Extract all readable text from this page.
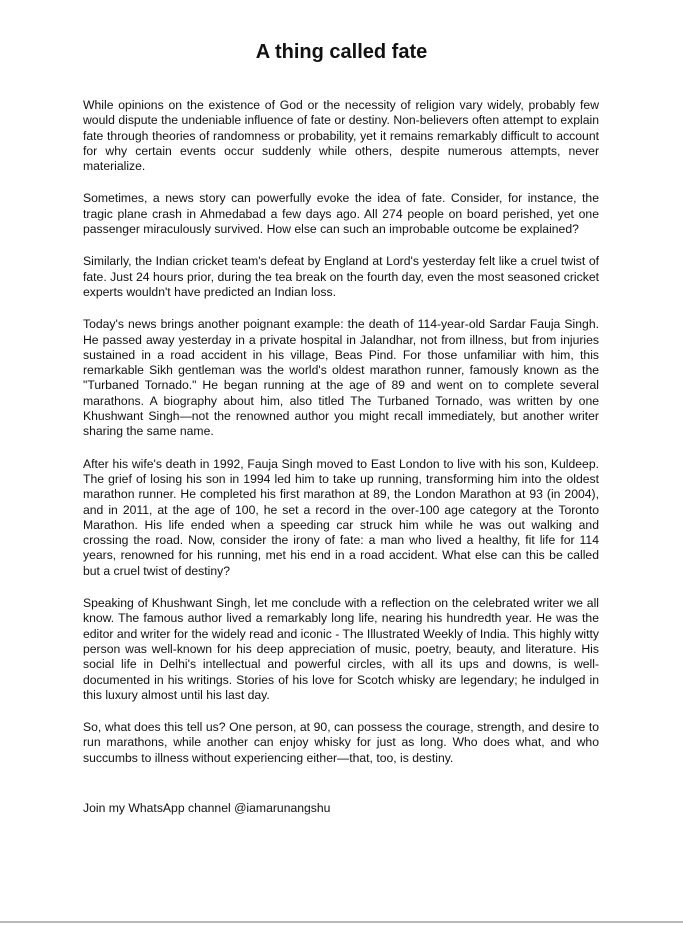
A thing called fate

While opinions on the existence of God or the necessity of religion vary widely, probably few would dispute the undeniable influence of fate or destiny. Non-believers often attempt to explain fate through theories of randomness or probability, yet it remains remarkably difficult to account for why certain events occur suddenly while others, despite numerous attempts, never materialize.

Sometimes, a news story can powerfully evoke the idea of fate. Consider, for instance, the tragic plane crash in Ahmedabad a few days ago. All 274 people on board perished, yet one passenger miraculously survived. How else can such an improbable outcome be explained?

Similarly, the Indian cricket team's defeat by England at Lord's yesterday felt like a cruel twist of fate. Just 24 hours prior, during the tea break on the fourth day, even the most seasoned cricket experts wouldn't have predicted an Indian loss.

Today's news brings another poignant example: the death of 114-year-old Sardar Fauja Singh. He passed away yesterday in a private hospital in Jalandhar, not from illness, but from injuries sustained in a road accident in his village, Beas Pind. For those unfamiliar with him, this remarkable Sikh gentleman was the world's oldest marathon runner, famously known as the "Turbaned Tornado." He began running at the age of 89 and went on to complete several marathons. A biography about him, also titled The Turbaned Tornado, was written by one Khushwant Singh—not the renowned author you might recall immediately, but another writer sharing the same name.

After his wife's death in 1992, Fauja Singh moved to East London to live with his son, Kuldeep. The grief of losing his son in 1994 led him to take up running, transforming him into the oldest marathon runner. He completed his first marathon at 89, the London Marathon at 93 (in 2004), and in 2011, at the age of 100, he set a record in the over-100 age category at the Toronto Marathon. His life ended when a speeding car struck him while he was out walking and crossing the road. Now, consider the irony of fate: a man who lived a healthy, fit life for 114 years, renowned for his running, met his end in a road accident. What else can this be called but a cruel twist of destiny?

Speaking of Khushwant Singh, let me conclude with a reflection on the celebrated writer we all know. The famous author lived a remarkably long life, nearing his hundredth year. He was the editor and writer for the widely read and iconic - The Illustrated Weekly of India. This highly witty person was well-known for his deep appreciation of music, poetry, beauty, and literature. His social life in Delhi's intellectual and powerful circles, with all its ups and downs, is well-documented in his writings. Stories of his love for Scotch whisky are legendary; he indulged in this luxury almost until his last day.

So, what does this tell us? One person, at 90, can possess the courage, strength, and desire to run marathons, while another can enjoy whisky for just as long. Who does what, and who succumbs to illness without experiencing either—that, too, is destiny.

Join my WhatsApp channel @iamarunangshu
